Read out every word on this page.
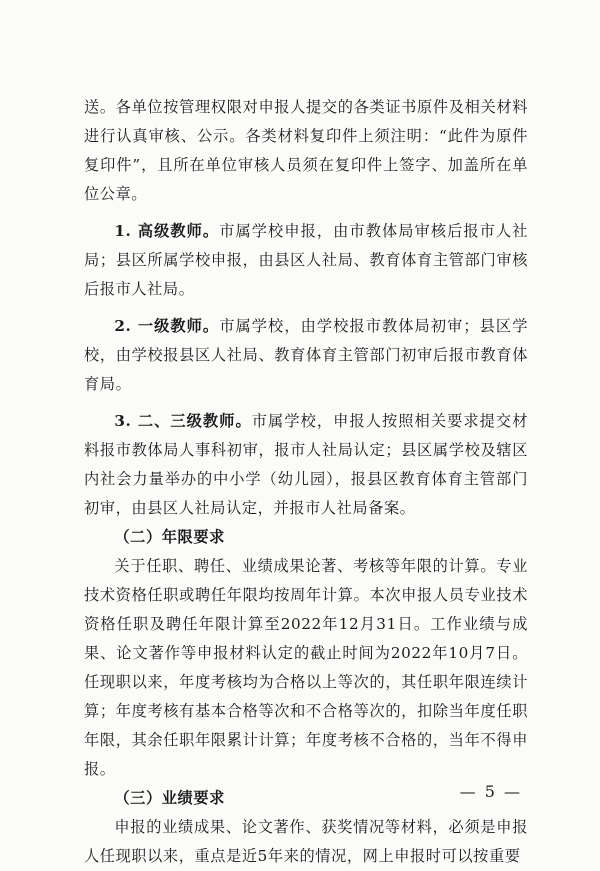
送。各单位按管理权限对申报人提交的各类证书原件及相关材料进行认真审核、公示。各类材料复印件上须注明：“此件为原件复印件”，且所在单位审核人员须在复印件上签字、加盖所在单位公章。

1. 高级教师。市属学校申报，由市教体局审核后报市人社局；县区所属学校申报，由县区人社局、教育体育主管部门审核后报市人社局。

2. 一级教师。市属学校，由学校报市教体局初审；县区学校，由学校报县区人社局、教育体育主管部门初审后报市教育体育局。

3. 二、三级教师。市属学校，申报人按照相关要求提交材料报市教体局人事科初审，报市人社局认定；县区属学校及辖区内社会力量举办的中小学（幼儿园），报县区教育体育主管部门初审，由县区人社局认定，并报市人社局备案。

（二）年限要求

关于任职、聘任、业绩成果论著、考核等年限的计算。专业技术资格任职或聘任年限均按周年计算。本次申报人员专业技术资格任职及聘任年限计算至2022年12月31日。工作业绩与成果、论文著作等申报材料认定的截止时间为2022年10月7日。任现职以来，年度考核均为合格以上等次的，其任职年限连续计算；年度考核有基本合格等次和不合格等次的，扣除当年度任职年限，其余任职年限累计计算；年度考核不合格的，当年不得申报。

（三）业绩要求

申报的业绩成果、论文著作、获奖情况等材料，必须是申报人任现职以来，重点是近5年来的情况，网上申报时可以按重要

— 5 —
